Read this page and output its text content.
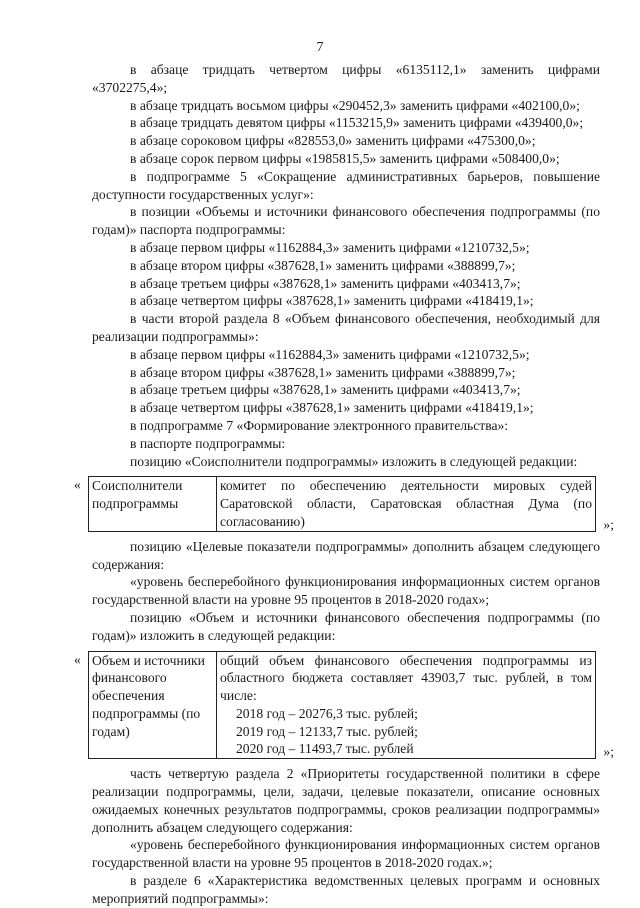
7

в абзаце тридцать четвертом цифры «6135112,1» заменить цифрами «3702275,4»;

в абзаце тридцать восьмом цифры «290452,3» заменить цифрами «402100,0»;

в абзаце тридцать девятом цифры «1153215,9» заменить цифрами «439400,0»;

в абзаце сороковом цифры «828553,0» заменить цифрами «475300,0»;

в абзаце сорок первом цифры «1985815,5» заменить цифрами «508400,0»;

в подпрограмме 5 «Сокращение административных барьеров, повышение доступности государственных услуг»:

в позиции «Объемы и источники финансового обеспечения подпрограммы (по годам)» паспорта подпрограммы:

в абзаце первом цифры «1162884,3» заменить цифрами «1210732,5»;

в абзаце втором цифры «387628,1» заменить цифрами «388899,7»;

в абзаце третьем цифры «387628,1» заменить цифрами «403413,7»;

в абзаце четвертом цифры «387628,1» заменить цифрами «418419,1»;

в части второй раздела 8 «Объем финансового обеспечения, необходимый для реализации подпрограммы»:

в абзаце первом цифры «1162884,3» заменить цифрами «1210732,5»;

в абзаце втором цифры «387628,1» заменить цифрами «388899,7»;

в абзаце третьем цифры «387628,1» заменить цифрами «403413,7»;

в абзаце четвертом цифры «387628,1» заменить цифрами «418419,1»;

в подпрограмме 7 «Формирование электронного правительства»:

в паспорте подпрограммы:

позицию «Соисполнители подпрограммы» изложить в следующей редакции:

« Соисполнители подпрограммы	комитет по обеспечению деятельности мировых судей Саратовской области, Саратовская областная Дума (по согласованию)	»;

позицию «Целевые показатели подпрограммы» дополнить абзацем следующего содержания:

«уровень бесперебойного функционирования информационных систем органов государственной власти на уровне 95 процентов в 2018-2020 годах»;

позицию «Объем и источники финансового обеспечения подпрограммы (по годам)» изложить в следующей редакции:

« Объем и источники финансового обеспечения подпрограммы (по годам)	общий объем финансового обеспечения подпрограммы из областного бюджета составляет 43903,7 тыс. рублей, в том числе:
2018 год – 20276,3 тыс. рублей;
2019 год – 12133,7 тыс. рублей;
2020 год – 11493,7 тыс. рублей	»;

часть четвертую раздела 2 «Приоритеты государственной политики в сфере реализации подпрограммы, цели, задачи, целевые показатели, описание основных ожидаемых конечных результатов подпрограммы, сроков реализации подпрограммы» дополнить абзацем следующего содержания:

«уровень бесперебойного функционирования информационных систем органов государственной власти на уровне 95 процентов в 2018-2020 годах.»;

в разделе 6 «Характеристика ведомственных целевых программ и основных мероприятий подпрограммы»:
